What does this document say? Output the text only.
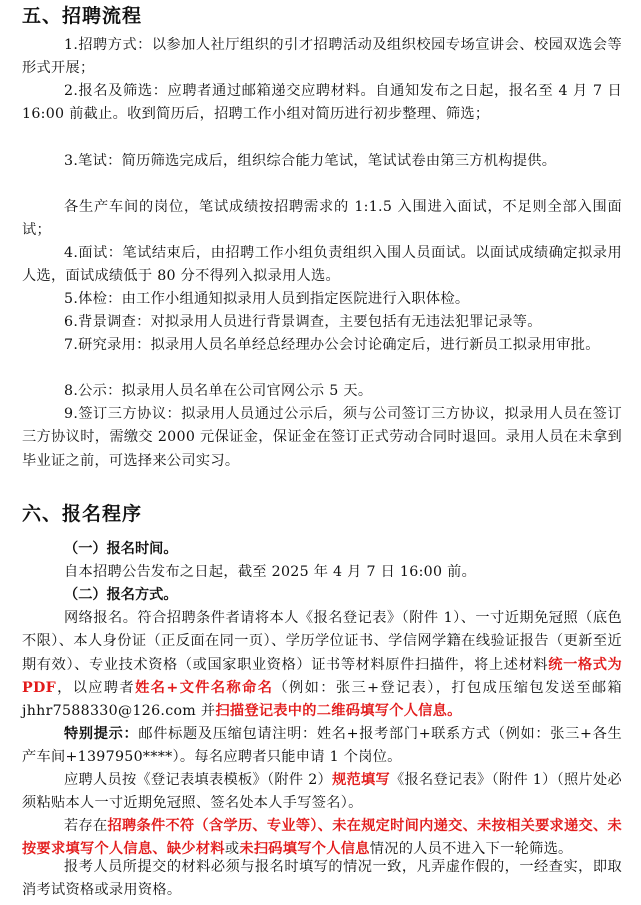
五、招聘流程

1.招聘方式：以参加人社厅组织的引才招聘活动及组织校园专场宣讲会、校园双选会等形式开展；

2.报名及筛选：应聘者通过邮箱递交应聘材料。自通知发布之日起，报名至 4 月 7 日 16:00 前截止。收到简历后，招聘工作小组对简历进行初步整理、筛选；

3.笔试：简历筛选完成后，组织综合能力笔试，笔试试卷由第三方机构提供。

各生产车间的岗位，笔试成绩按招聘需求的 1:1.5 入围进入面试，不足则全部入围面试；

4.面试：笔试结束后，由招聘工作小组负责组织入围人员面试。以面试成绩确定拟录用人选，面试成绩低于 80 分不得列入拟录用人选。

5.体检：由工作小组通知拟录用人员到指定医院进行入职体检。

6.背景调查：对拟录用人员进行背景调查，主要包括有无违法犯罪记录等。

7.研究录用：拟录用人员名单经总经理办公会讨论确定后，进行新员工拟录用审批。

8.公示：拟录用人员名单在公司官网公示 5 天。

9.签订三方协议：拟录用人员通过公示后，须与公司签订三方协议，拟录用人员在签订三方协议时，需缴交 2000 元保证金，保证金在签订正式劳动合同时退回。录用人员在未拿到毕业证之前，可选择来公司实习。

六、报名程序

（一）报名时间。

自本招聘公告发布之日起，截至 2025 年 4 月 7 日 16:00 前。

（二）报名方式。

网络报名。符合招聘条件者请将本人《报名登记表》（附件 1）、一寸近期免冠照（底色不限）、本人身份证（正反面在同一页）、学历学位证书、学信网学籍在线验证报告（更新至近期有效）、专业技术资格（或国家职业资格）证书等材料原件扫描件，将上述材料统一格式为 PDF，以应聘者姓名+文件名称命名（例如：张三+登记表），打包成压缩包发送至邮箱 jhhr7588330@126.com 并扫描登记表中的二维码填写个人信息。

特别提示：邮件标题及压缩包请注明：姓名+报考部门+联系方式（例如：张三+各生产车间+1397950****）。每名应聘者只能申请 1 个岗位。

应聘人员按《登记表填表模板》（附件 2）规范填写《报名登记表》（附件 1）（照片处必须粘贴本人一寸近期免冠照、签名处本人手写签名）。

若存在招聘条件不符（含学历、专业等）、未在规定时间内递交、未按相关要求递交、未按要求填写个人信息、缺少材料或未扫码填写个人信息情况的人员不进入下一轮筛选。

报考人员所提交的材料必须与报名时填写的情况一致，凡弄虚作假的，一经查实，即取消考试资格或录用资格。
